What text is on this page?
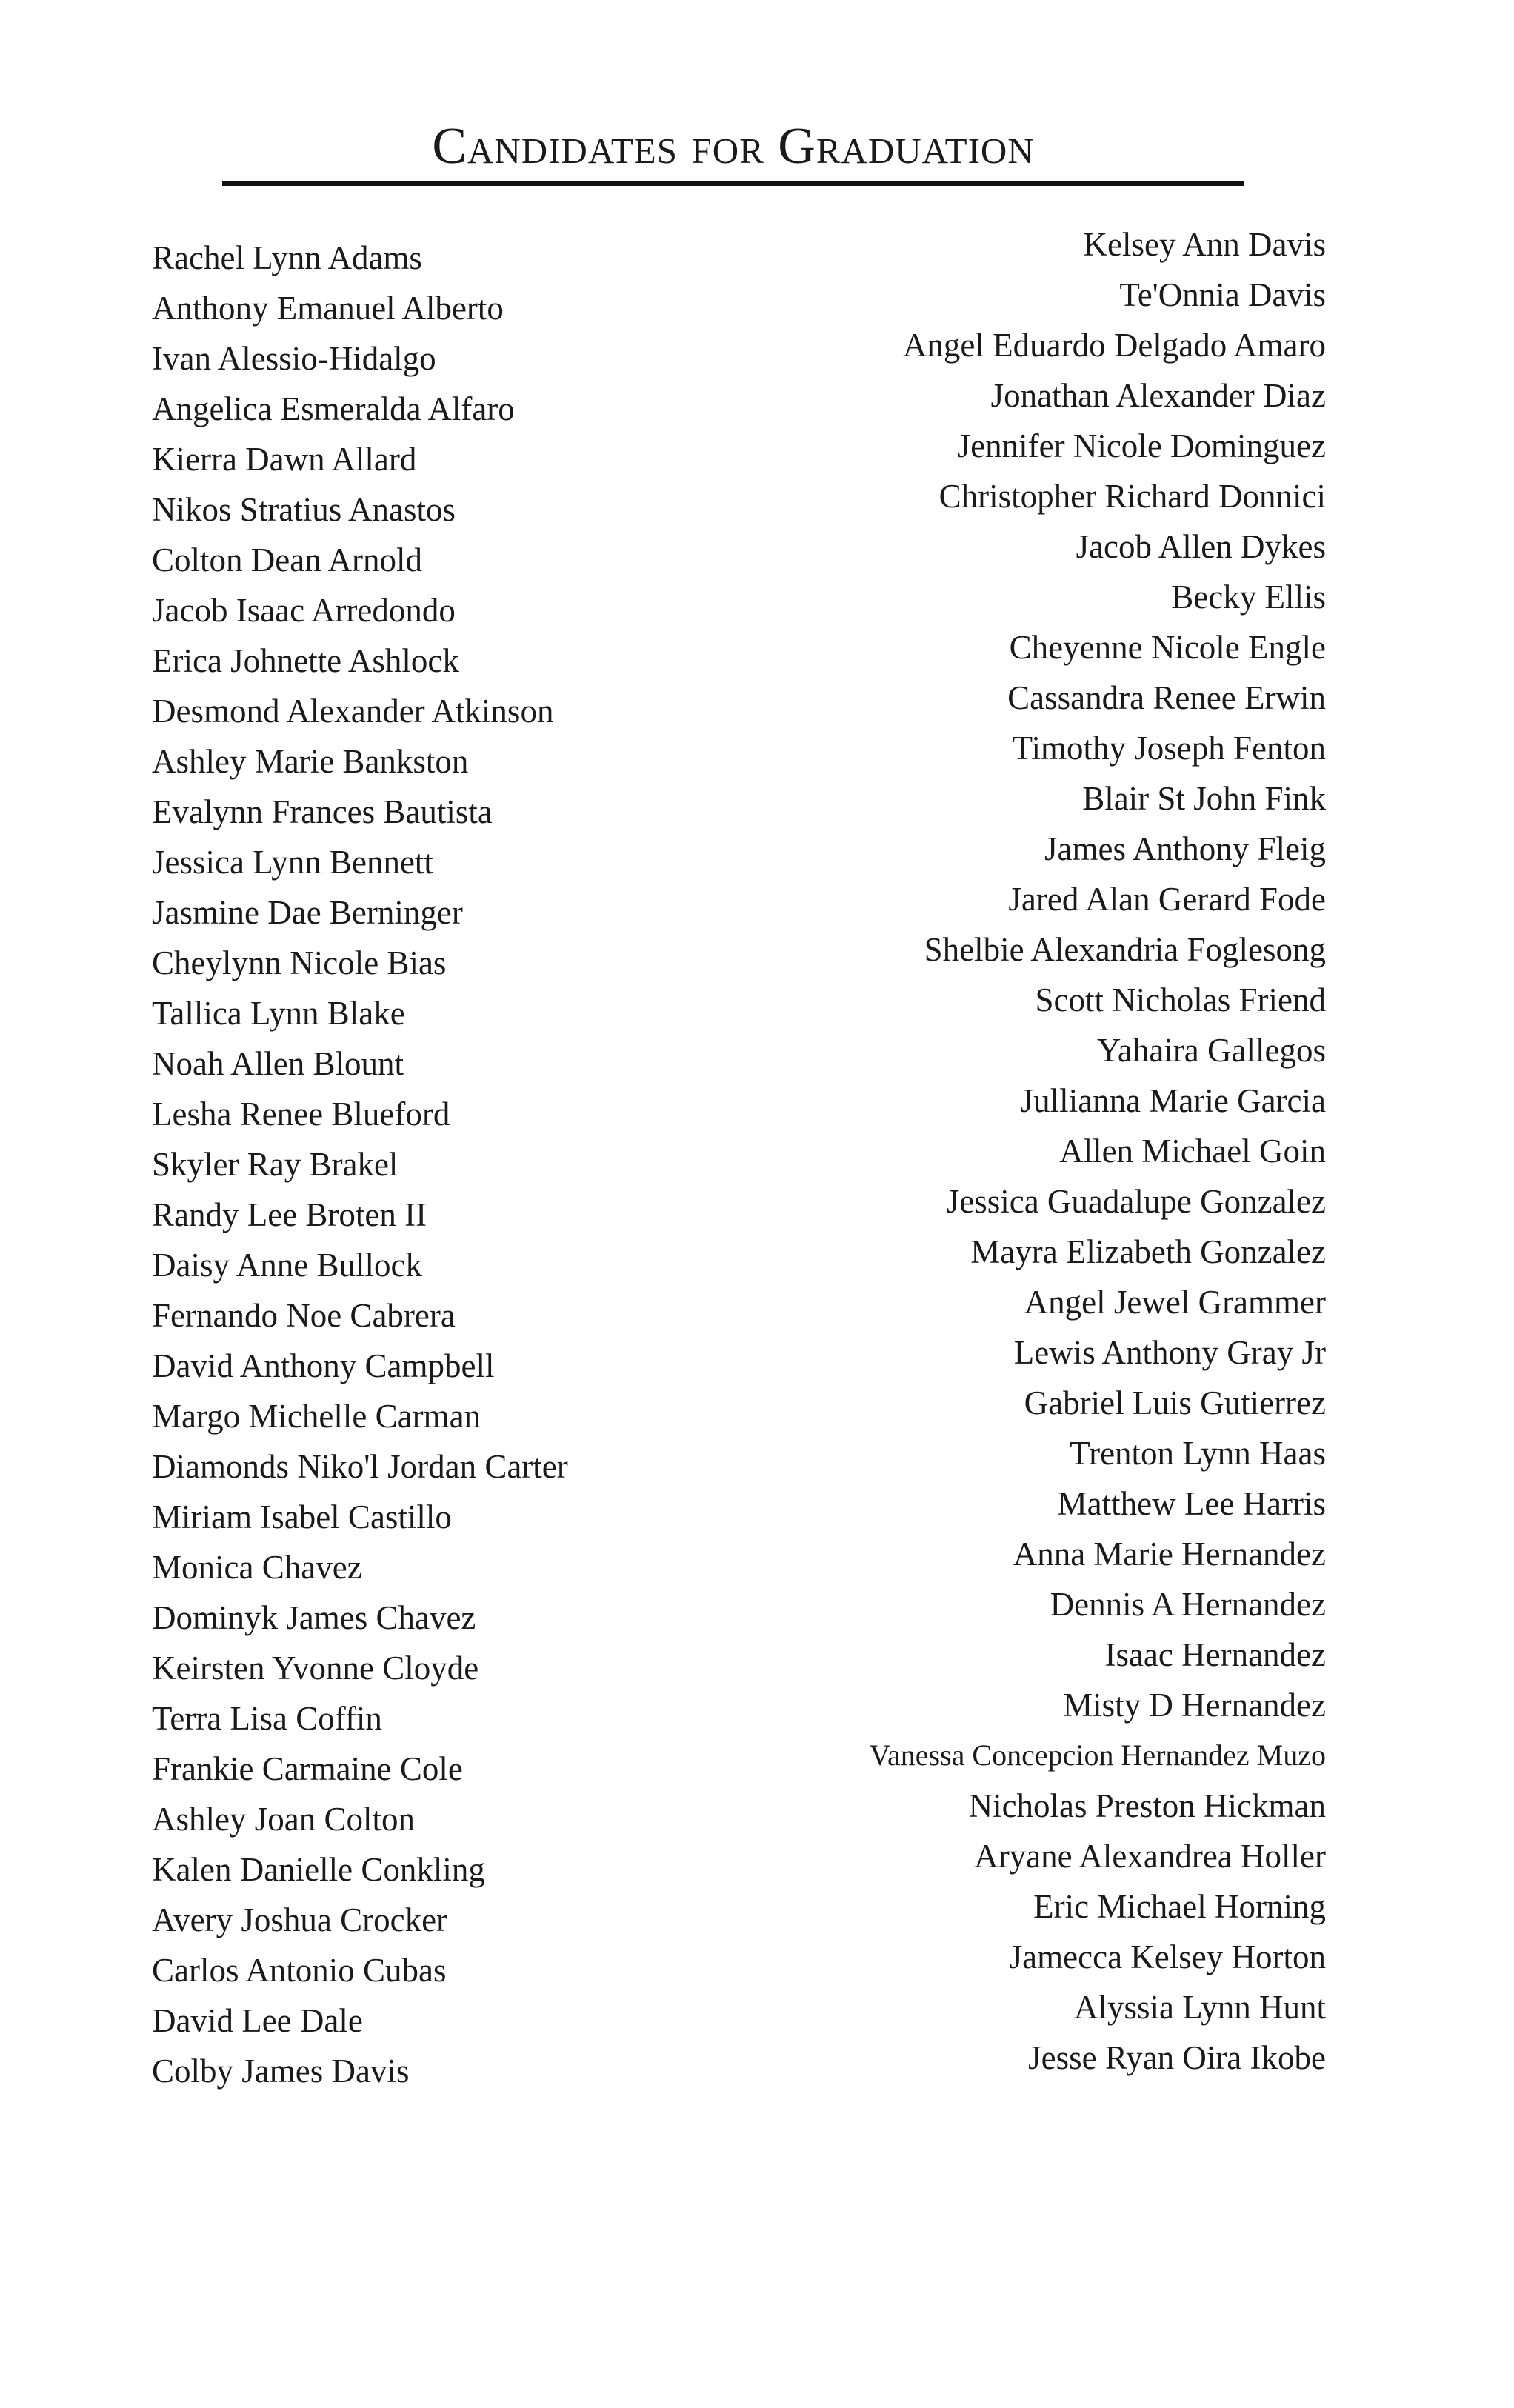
Candidates for Graduation
Rachel Lynn Adams
Anthony Emanuel Alberto
Ivan Alessio-Hidalgo
Angelica Esmeralda Alfaro
Kierra Dawn Allard
Nikos Stratius Anastos
Colton Dean Arnold
Jacob Isaac Arredondo
Erica Johnette Ashlock
Desmond Alexander Atkinson
Ashley Marie Bankston
Evalynn Frances Bautista
Jessica Lynn Bennett
Jasmine Dae Berninger
Cheylynn Nicole Bias
Tallica Lynn Blake
Noah Allen Blount
Lesha Renee Blueford
Skyler Ray Brakel
Randy Lee Broten II
Daisy Anne Bullock
Fernando Noe Cabrera
David Anthony Campbell
Margo Michelle Carman
Diamonds Niko'l Jordan Carter
Miriam Isabel Castillo
Monica Chavez
Dominyk James Chavez
Keirsten Yvonne Cloyde
Terra Lisa Coffin
Frankie Carmaine Cole
Ashley Joan Colton
Kalen Danielle Conkling
Avery Joshua Crocker
Carlos Antonio Cubas
David Lee Dale
Colby James Davis
Kelsey Ann Davis
Te'Onnia Davis
Angel Eduardo Delgado Amaro
Jonathan Alexander Diaz
Jennifer Nicole Dominguez
Christopher Richard Donnici
Jacob Allen Dykes
Becky Ellis
Cheyenne Nicole Engle
Cassandra Renee Erwin
Timothy Joseph Fenton
Blair St John Fink
James Anthony Fleig
Jared Alan Gerard Fode
Shelbie Alexandria Foglesong
Scott Nicholas Friend
Yahaira Gallegos
Jullianna Marie Garcia
Allen Michael Goin
Jessica Guadalupe Gonzalez
Mayra Elizabeth Gonzalez
Angel Jewel Grammer
Lewis Anthony Gray Jr
Gabriel Luis Gutierrez
Trenton Lynn Haas
Matthew Lee Harris
Anna Marie Hernandez
Dennis A Hernandez
Isaac Hernandez
Misty D Hernandez
Vanessa Concepcion Hernandez Muzo
Nicholas Preston Hickman
Aryane Alexandrea Holler
Eric Michael Horning
Jamecca Kelsey Horton
Alyssia Lynn Hunt
Jesse Ryan Oira Ikobe
